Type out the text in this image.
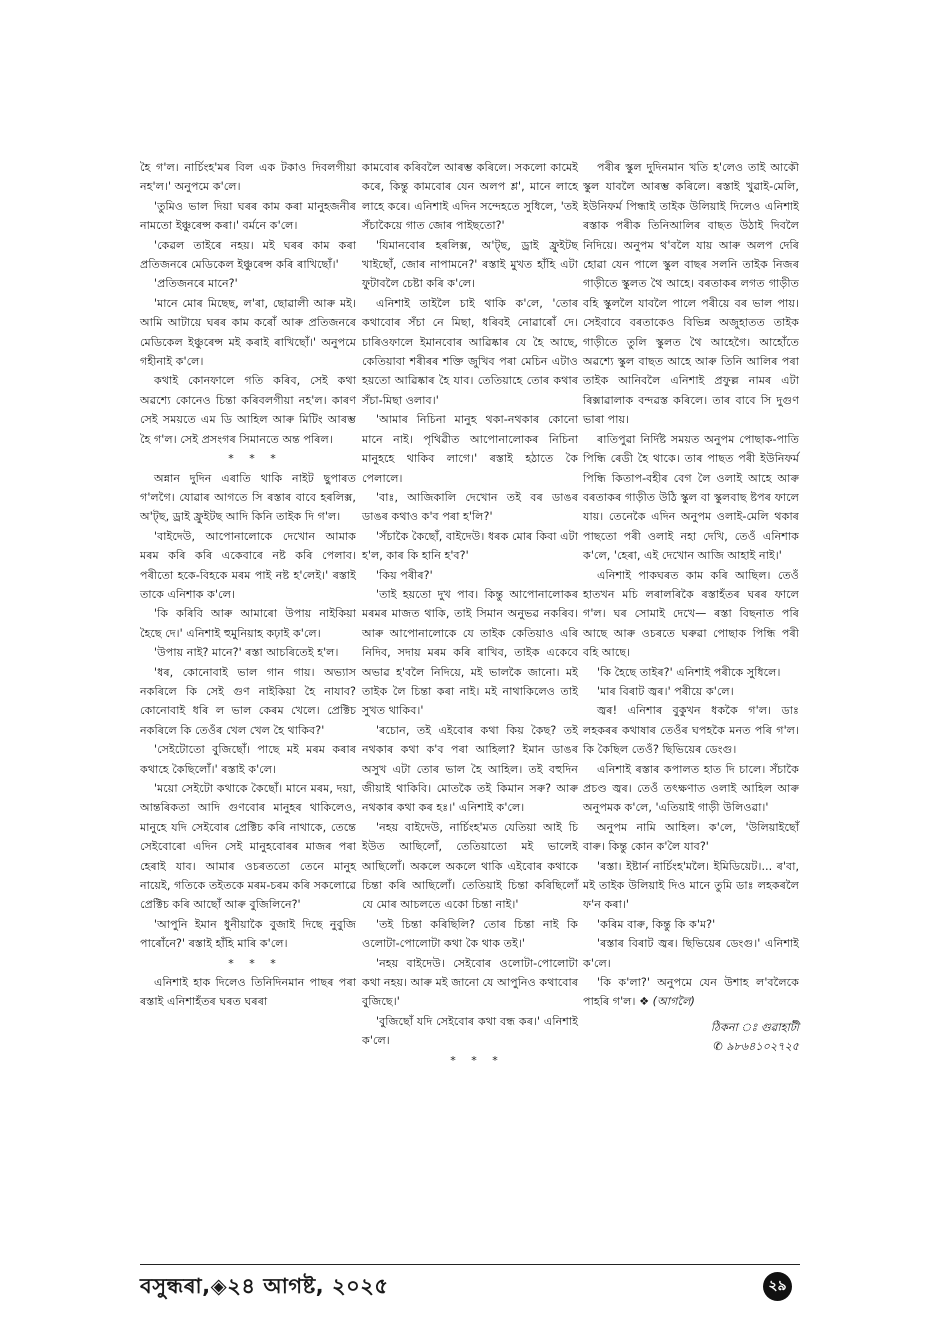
হৈ গ'ল। নাৰ্চিংহ'মৰ বিল এক টকাও দিবলগীয়া নহ'ল।' অনুপমে ক'লে।

'তুমিও ভাল দিয়া ঘৰৰ কাম কৰা মানুহজনীৰ নামতো ইঞ্চুৰেন্স কৰা।' বৰ্মনে ক'লে।

'কেৱল তাইৰে নহয়। মই ঘৰৰ কাম কৰা প্ৰতিজনৰে মেডিকেল ইঞ্চুৰেন্স কৰি ৰাখিছোঁ।'

'প্ৰতিজনৰে মানে?'

'মানে মোৰ মিছেছ, ল'ৰা, ছোৱালী আৰু মই। আমি আটায়ে ঘৰৰ কাম কৰোঁ আৰু প্ৰতিজনৰে মেডিকেল ইঞ্চুৰেন্স মই কৰাই ৰাখিছোঁ।' অনুপমে গহীনাই ক'লে।

কথাই কোনফালে গতি কৰিব, সেই কথা অৱশ্যে কোনেও চিন্তা কৰিবলগীয়া নহ'ল। কাৰণ সেই সময়তে এম ডি আহিল আৰু মিটিং আৰম্ভ হৈ গ'ল। সেই প্ৰসংগৰ সিমানতে অন্ত পৰিল।

* * *

অন্নান দুদিন এৰাতি থাকি নাইট ছুপাৰত গ'লগৈ। যোৱাৰ আগতে সি ৰস্তাৰ বাবে হৰলিক্স, অ'ট্‌ছ, ড্ৰাই ফ্ৰুইটছ আদি কিনি তাইক দি গ'ল।

'বাইদেউ, আপোনালোকে দেখোন আমাক মৰম কৰি কৰি একেবাৰে নষ্ট কৰি পেলাব। পৰীতো হকে-বিহকে মৰম পাই নষ্ট হ'লেই।' ৰস্তাই তাকে এনিশাক ক'লে।

'কি কৰিবি আৰু আমাৰো উপায় নাইকিয়া হৈছে দে।' এনিশাই হুমুনিয়াহ কঢ়াই ক'লে।

'উপায় নাই? মানে?' ৰস্তা আচৰিতেই হ'ল।

'ধৰ, কোনোবাই ভাল গান গায়। অভ্যাস নকৰিলে কি সেই গুণ নাইকিয়া হৈ নাযাব? কোনোবাই ধৰি ল ভাল কেৰম খেলে। প্ৰেক্টিচ নকৰিলে কি তেওঁৰ খেল খেল হৈ থাকিব?'

'সেইটোতো বুজিছোঁ। পাছে মই মৰম কৰাৰ কথাহে কৈছিলোঁ।' ৰস্তাই ক'লে।

'ময়ো সেইটো কথাকে কৈছোঁ। মানে মৰম, দয়া, আন্তৰিকতা আদি গুণবোৰ মানুহৰ থাকিলেও, মানুহে যদি সেইবোৰ প্ৰেক্টিচ কৰি নাথাকে, তেন্তে সেইবোৰো এদিন সেই মানুহবোৰৰ মাজৰ পৰা হেৰাই যাব। আমাৰ ওচৰততো তেনে মানুহ নায়েই, গতিকে তইতকে মৰম-চৰম কৰি সকলোৱে প্ৰেক্টিচ কৰি আছোঁ আৰু বুজিলিনে?'

'আপুনি ইমান ধুনীয়াকৈ বুজাই দিছে নুবুজি পাৰোঁনে?' ৰস্তাই হাঁহি মাৰি ক'লে।

* * *

এনিশাই হাক দিলেও তিনিদিনমান পাছৰ পৰা ৰস্তাই এনিশাহঁতৰ ঘৰত ঘৰৰা

কামবোৰ কৰিবলৈ আৰম্ভ কৰিলে। সকলো কামেই কৰে, কিন্তু কামবোৰ যেন অলপ শ্ল', মানে লাহে লাহে কৰে। এনিশাই এদিন সন্দেহতে সুধিলে, 'তই সঁচাকৈয়ে গাত জোৰ পাইছতো?'

'যিমানবোৰ হৰলিক্স, অ'ট্‌ছ, ড্ৰাই ফ্ৰুইটছ খাইছোঁ, জোৰ নাপামনে?' ৰস্তাই মুখত হাঁহি এটা ফুটাবলৈ চেষ্টা কৰি ক'লে।

এনিশাই তাইলৈ চাই থাকি ক'লে, 'তোৰ কথাবোৰ সঁচা নে মিছা, ধৰিবই নোৱাৰোঁ দে। চাৰিওফালে ইমানবোৰ আৱিষ্কাৰ যে হৈ আছে, কেতিয়াবা শৰীৰৰ শক্তি জুখিব পৰা মেচিন এটাও হয়তো আৱিষ্কাৰ হৈ যাব। তেতিয়াহে তোৰ কথাৰ সঁচা-মিছা ওলাব।'

'আমাৰ নিচিনা মানুহ থকা-নথকাৰ কোনো মানে নাই। পৃথিৱীত আপোনালোকৰ নিচিনা মানুহহে থাকিব লাগে।' ৰস্তাই হঠাতে কৈ পেলালে।

'বাঃ, আজিকালি দেখোন তই বৰ ডাঙৰ ডাঙৰ কথাও ক'ব পৰা হ'লি?'

'সঁচাকৈ কৈছোঁ, বাইদেউ। ধৰক মোৰ কিবা এটা হ'ল, কাৰ কি হানি হ'ব?'

'কিয় পৰীৰ?'

'তাই হয়তো দুখ পাব। কিন্তু আপোনালোকৰ মৰমৰ মাজত থাকি, তাই সিমান অনুভৱ নকৰিব। আৰু আপোনালোকে যে তাইক কেতিয়াও এৰি নিদিব, সদায় মৰম কৰি ৰাখিব, তাইক একেবে অভাৱ হ'বলৈ নিদিয়ে, মই ভালকৈ জানো। মই তাইক লৈ চিন্তা কৰা নাই। মই নাথাকিলেও তাই সুখত থাকিব।'

'ৰচোন, তই এইবোৰ কথা কিয় কৈছ? তই নথকাৰ কথা ক'ব পৰা আহিলা? ইমান ডাঙৰ অসুখ এটা তোৰ ভাল হৈ আহিল। তই বহুদিন জীয়াই থাকিবি। মোতকৈ তই কিমান সৰু? আৰু নথকাৰ কথা কৰ হঃ।' এনিশাই ক'লে।

'নহয় বাইদেউ, নাৰ্চিংহ'মত যেতিয়া আই চি ইউত আছিলোঁ, তেতিয়াতো মই ভালেই আছিলোঁ। অকলে অকলে থাকি এইবোৰ কথাকে চিন্তা কৰি আছিলোঁ। তেতিয়াই চিন্তা কৰিছিলোঁ যে মোৰ আচলতে একো চিন্তা নাই।'

'তই চিন্তা কৰিছিলি? তোৰ চিন্তা নাই কি ওলোটা-পোলোটা কথা কৈ থাক তই।'

'নহয় বাইদেউ। সেইবোৰ ওলোটা-পোলোটা কথা নহয়। আৰু মই জানো যে আপুনিও কথাবোৰ বুজিছে।'

'বুজিছোঁ যদি সেইবোৰ কথা বন্ধ কৰ।' এনিশাই ক'লে।

* * *

পৰীৰ স্কুল দুদিনমান খতি হ'লেও তাই আকৌ স্কুল যাবলৈ আৰম্ভ কৰিলে। ৰস্তাই খুৱাই-মেলি, ইউনিফৰ্ম পিন্ধাই তাইক উলিয়াই দিলেও এনিশাই ৰস্তাক পৰীক তিনিআলিৰ বাছত উঠাই দিবলৈ নিদিয়ে। অনুপম থ'বলৈ যায় আৰু অলপ দেৰি হোৱা যেন পালে স্কুল বাছৰ সলনি তাইক নিজৰ গাড়ীতে স্কুলত থৈ আহে। বৰতাকৰ লগত গাড়ীত বহি স্কুললৈ যাবলৈ পালে পৰীয়ে বৰ ভাল পায়। সেইবাবে বৰতাকেও বিভিন্ন অজুহাতত তাইক গাড়ীতে তুলি স্কুলত থৈ আহেগৈ। আহোঁতে অৱশ্যে স্কুল বাছত আহে আৰু তিনি আলিৰ পৰা তাইক আনিবলৈ এনিশাই প্ৰফুল্ল নামৰ এটা ৰিক্সাৱালাক বন্দৱস্ত কৰিলে। তাৰ বাবে সি দুগুণ ভাৰা পায়।

ৰাতিপুৱা নিৰ্দিষ্ট সময়ত অনুপম পোছাক-পাতি পিন্ধি ৰেডী হৈ থাকে। তাৰ পাছত পৰী ইউনিফৰ্ম পিন্ধি কিতাপ-বহীৰ বেগ লৈ ওলাই আহে আৰু বৰতাকৰ গাড়ীত উঠি স্কুল বা স্কুলবাছ ষ্টপৰ ফালে যায়। তেনেকৈ এদিন অনুপম ওলাই-মেলি থকাৰ পাছতো পৰী ওলাই নহা দেখি, তেওঁ এনিশাক ক'লে, 'হেৰা, এই দেখোন আজি আহাই নাই।'

এনিশাই পাকঘৰত কাম কৰি আছিল। তেওঁ হাতখন মচি লৰালৰিকৈ ৰস্তাহঁতৰ ঘৰৰ ফালে গ'ল। ঘৰ সোমাই দেখে— ৰস্তা বিছনাত পৰি আছে আৰু ওচৰতে ঘৰুৱা পোছাক পিন্ধি পৰী বহি আছে।

'কি হৈছে তাইৰ?' এনিশাই পৰীকে সুধিলে।

'মাৰ বিৰাট জ্বৰ।' পৰীয়ে ক'লে।

জ্বৰ! এনিশাৰ বুকুখন ধককৈ গ'ল। ডাঃ লহকৰৰ কথাষাৰ তেওঁৰ ঘপহকৈ মনত পৰি গ'ল। কি কৈছিল তেওঁ? ছিভিয়েৰ ডেংগু।

এনিশাই ৰস্তাৰ কপালত হাত দি চালে। সঁচাকৈ প্ৰচণ্ড জ্বৰ। তেওঁ তৎক্ষণাত ওলাই আহিল আৰু অনুপমক ক'লে, 'এতিয়াই গাড়ী উলিওৱা।'

অনুপম নামি আহিল। ক'লে, 'উলিয়াইছোঁ বাৰু। কিন্তু কোন ক'লৈ যাব?'

'ৰস্তা। ইষ্টাৰ্ন নাৰ্চিংহ'মলৈ। ইমিডিয়েট।... ৰ'বা, মই তাইক উলিয়াই দিও মানে তুমি ডাঃ লহকৰলৈ ফ'ন কৰা।'

'কৰিম বাৰু, কিন্তু কি ক'ম?'

'ৰস্তাৰ বিৰাট জ্বৰ। ছিভিয়েৰ ডেংগু।' এনিশাই ক'লে।

'কি ক'লা?' অনুপমে যেন উশাহ ল'বলৈকে পাহৰি গ'ল। ❖ (আগলৈ)

ঠিকনা ঃ গুৱাহাটী
✆ ৯৮৬৪১০২৭২৫
বসুন্ধৰা,◈২৪ আগষ্ট, ২০২৫	২৯
